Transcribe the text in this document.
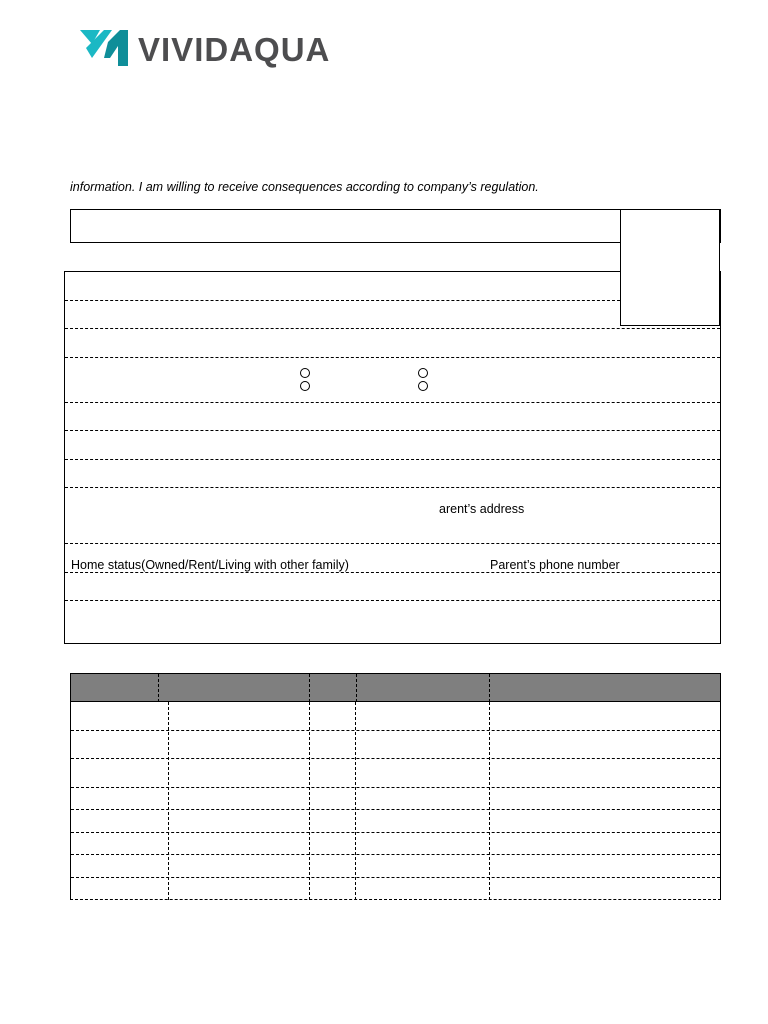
VIVIDAQUA
information. I am willing to receive consequences according to company’s regulation.
arent’s address
Home status(Owned/Rent/Living with other family)	Parent’s phone number
